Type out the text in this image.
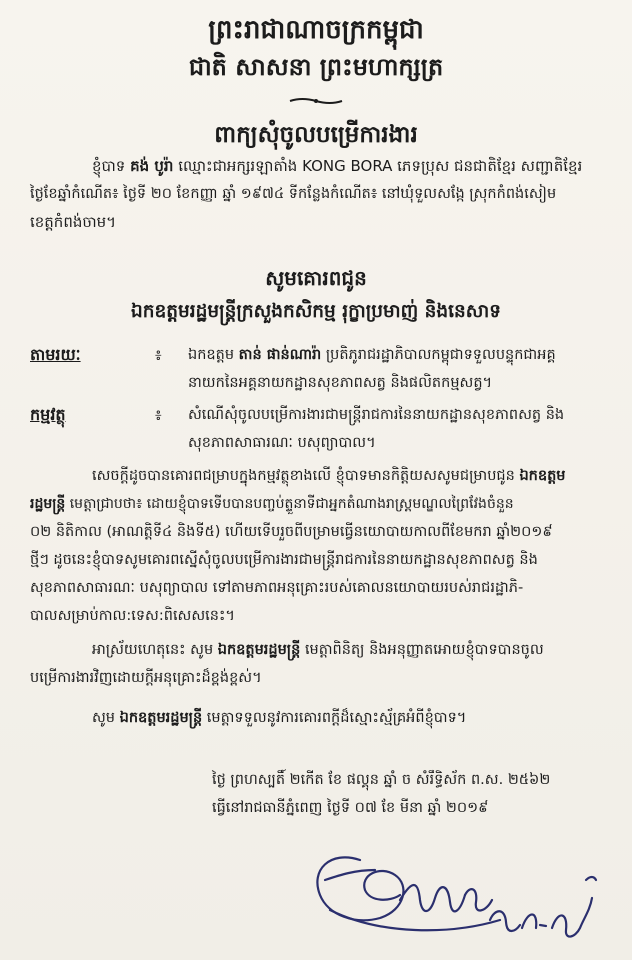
ព្រះរាជាណាចក្រកម្ពុជា
ជាតិ សាសនា ព្រះមហាក្សត្រ
ពាក្យសុំចូលបម្រើការងារ
ខ្ញុំបាទ គង់ បូរ៉ា ឈ្មោះជាអក្សរឡាតាំង KONG BORA ភេទប្រុស ជនជាតិខ្មែរ សញ្ជាតិខ្មែរ
ថ្ងៃខែឆ្នាំកំណើត៖ ថ្ងៃទី ២០ ខែកញ្ញា ឆ្នាំ ១៩៧៤ ទីកន្លែងកំណើត៖ នៅឃុំទួលសង្កែ ស្រុកកំពង់សៀម
ខេត្តកំពង់ចាម។
សូមគោរពជូន
ឯកឧត្តមរដ្ឋមន្ត្រីក្រសួងកសិកម្ម រុក្ខាប្រមាញ់ និងនេសាទ
តាមរយៈ	៖ ឯកឧត្តម តាន់ ផាន់ណារ៉ា ប្រតិភូរាជរដ្ឋាភិបាលកម្ពុជាទទួលបន្ទុកជាអគ្គ
នាយកនៃអគ្គនាយកដ្ឋានសុខភាពសត្វ និងផលិតកម្មសត្វ។
កម្មវត្ថុ	៖ សំណើសុំចូលបម្រើការងារជាមន្ត្រីរាជការនៃនាយកដ្ឋានសុខភាពសត្វ និង
សុខភាពសាធារណៈ បសុព្យាបាល។
សេចក្តីដូចបានគោរពជម្រាបក្នុងកម្មវត្ថុខាងលើ ខ្ញុំបាទមានកិត្តិយសសូមជម្រាបជូន ឯកឧត្តម
រដ្ឋមន្ត្រី មេត្តាជ្រាបថា៖ ដោយខ្ញុំបាទទើបបានបញ្ចប់ត្ទួនាទីជាអ្នកតំណាងរាស្ត្រមណ្ឌលព្រៃវែងចំនួន
០២ និតិកាល (អាណត្តិទី៤ និងទី៥) ហើយទើបរួចពីបម្រាមធ្វើនយោបាយកាលពីខែមករា ឆ្នាំ២០១៩
ថ្មីៗ ដូចនេះខ្ញុំបាទសូមគោរពស្នើសុំចូលបម្រើការងារជាមន្ត្រីរាជការនៃនាយកដ្ឋានសុខភាពសត្វ និង
សុខភាពសាធារណៈ បសុព្យាបាល ទៅតាមភាពអនុគ្រោះរបស់គោលនយោបាយរបស់រាជរដ្ឋាភិ-
បាលសម្រាប់កាល:ទេស:ពិសេសនេះ។
អាស្រ័យហេតុនេះ សូម ឯកឧត្តមរដ្ឋមន្ត្រី មេត្តាពិនិត្យ និងអនុញ្ញាតអោយខ្ញុំបាទបានចូល
បម្រើការងារវិញដោយក្តីអនុគ្រោះដ៏ខ្ពង់ខ្ពស់។
សូម ឯកឧត្តមរដ្ឋមន្ត្រី មេត្តាទទួលនូវការគោរពក្តីដ៏ស្មោះស្ម័គ្រអំពីខ្ញុំបាទ។
ថ្ងៃ ព្រហស្បតិ៍ ២កើត ខែ ផល្គុន ឆ្នាំ ច សំរឹទ្ធិស័ក ព.ស. ២៥៦២
ធ្វើនៅរាជធានីភ្នំពេញ ថ្ងៃទី ០៧ ខែ មីនា ឆ្នាំ ២០១៩
